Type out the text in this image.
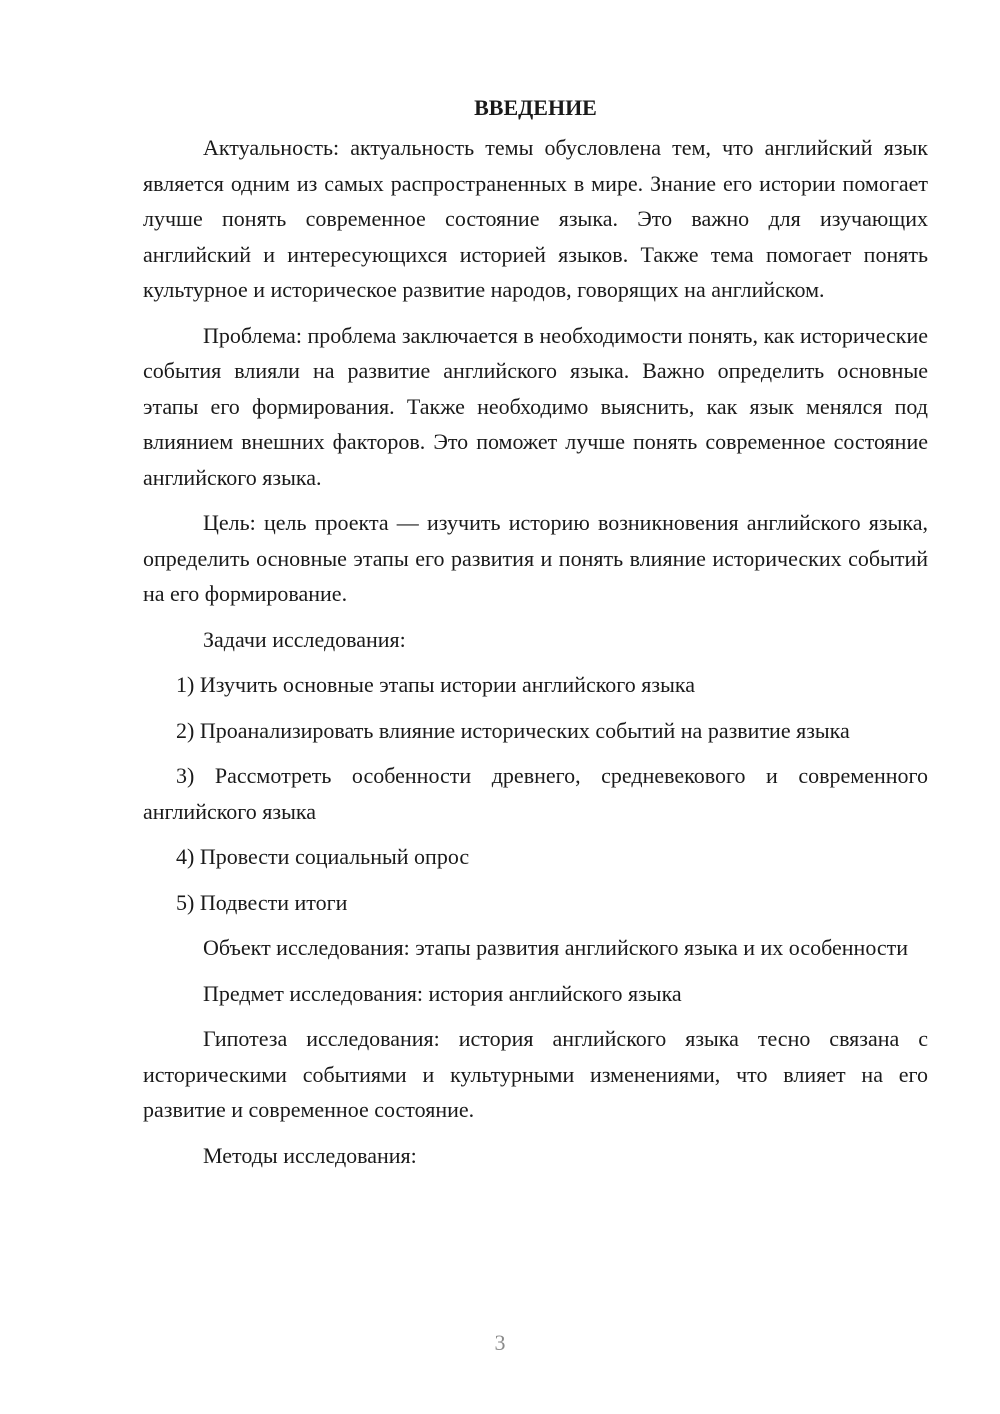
ВВЕДЕНИЕ

Актуальность: актуальность темы обусловлена тем, что английский язык является одним из самых распространенных в мире. Знание его истории помогает лучше понять современное состояние языка. Это важно для изучающих английский и интересующихся историей языков. Также тема помогает понять культурное и историческое развитие народов, говорящих на английском.

Проблема: проблема заключается в необходимости понять, как исторические события влияли на развитие английского языка. Важно определить основные этапы его формирования. Также необходимо выяснить, как язык менялся под влиянием внешних факторов. Это поможет лучше понять современное состояние английского языка.

Цель: цель проекта — изучить историю возникновения английского языка, определить основные этапы его развития и понять влияние исторических событий на его формирование.

Задачи исследования:

1) Изучить основные этапы истории английского языка

2) Проанализировать влияние исторических событий на развитие языка

3) Рассмотреть особенности древнего, средневекового и современного английского языка

4) Провести социальный опрос

5) Подвести итоги

Объект исследования: этапы развития английского языка и их особенности

Предмет исследования: история английского языка

Гипотеза исследования: история английского языка тесно связана с историческими событиями и культурными изменениями, что влияет на его развитие и современное состояние.

Методы исследования:

3
